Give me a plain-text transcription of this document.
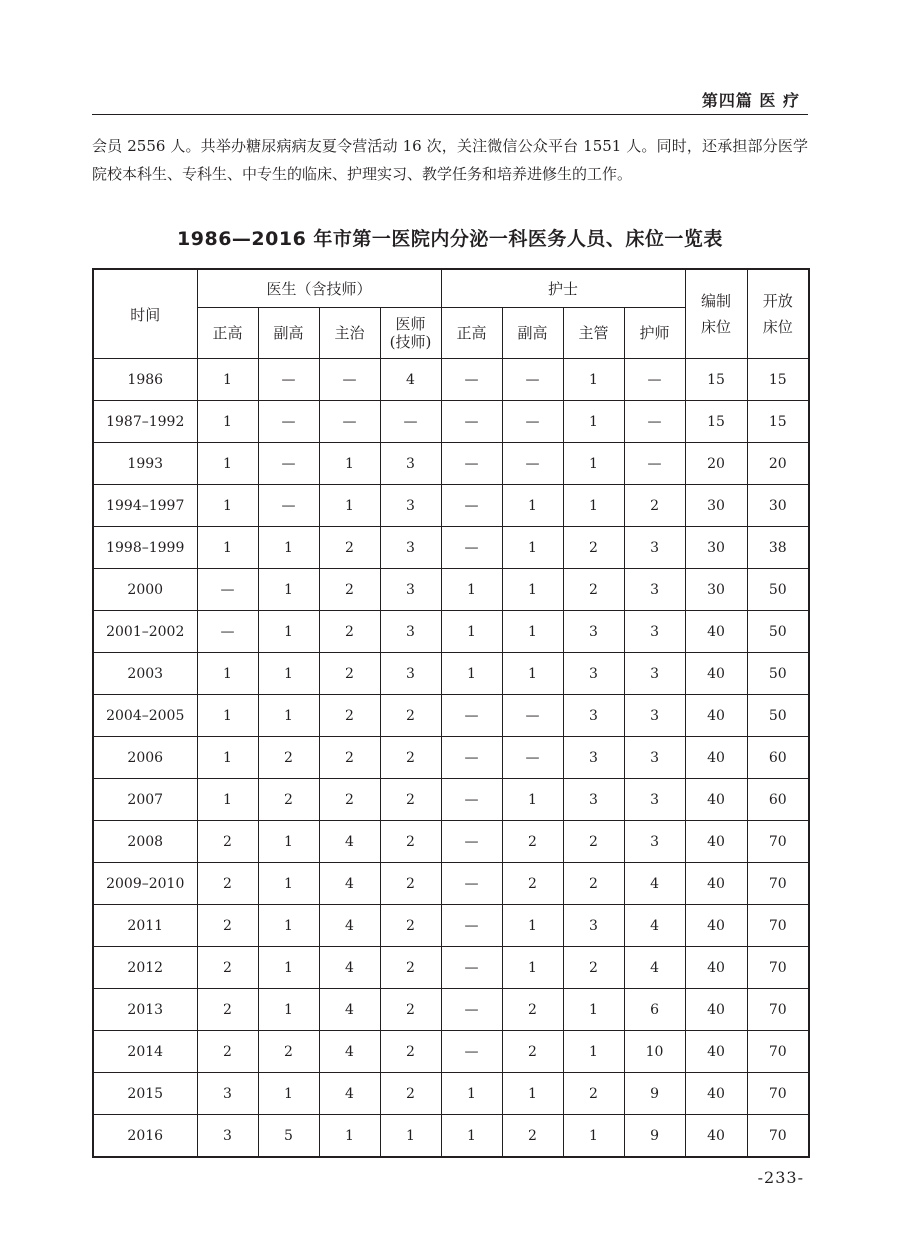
第四篇 医 疗

会员 2556 人。共举办糖尿病病友夏令营活动 16 次，关注微信公众平台 1551 人。同时，还承担部分医学院校本科生、专科生、中专生的临床、护理实习、教学任务和培养进修生的工作。

1986—2016 年市第一医院内分泌一科医务人员、床位一览表
时间	医生（含技师）				护士				编制床位	开放床位
	正高	副高	主治	医师(技师)	正高	副高	主管	护师		
1986	1	—	—	4	—	—	1	—	15	15
1987–1992	1	—	—	—	—	—	1	—	15	15
1993	1	—	1	3	—	—	1	—	20	20
1994–1997	1	—	1	3	—	1	1	2	30	30
1998–1999	1	1	2	3	—	1	2	3	30	38
2000	—	1	2	3	1	1	2	3	30	50
2001–2002	—	1	2	3	1	1	3	3	40	50
2003	1	1	2	3	1	1	3	3	40	50
2004–2005	1	1	2	2	—	—	3	3	40	50
2006	1	2	2	2	—	—	3	3	40	60
2007	1	2	2	2	—	1	3	3	40	60
2008	2	1	4	2	—	2	2	3	40	70
2009–2010	2	1	4	2	—	2	2	4	40	70
2011	2	1	4	2	—	1	3	4	40	70
2012	2	1	4	2	—	1	2	4	40	70
2013	2	1	4	2	—	2	1	6	40	70
2014	2	2	4	2	—	2	1	10	40	70
2015	3	1	4	2	1	1	2	9	40	70
2016	3	5	1	1	1	2	1	9	40	70
-233-
